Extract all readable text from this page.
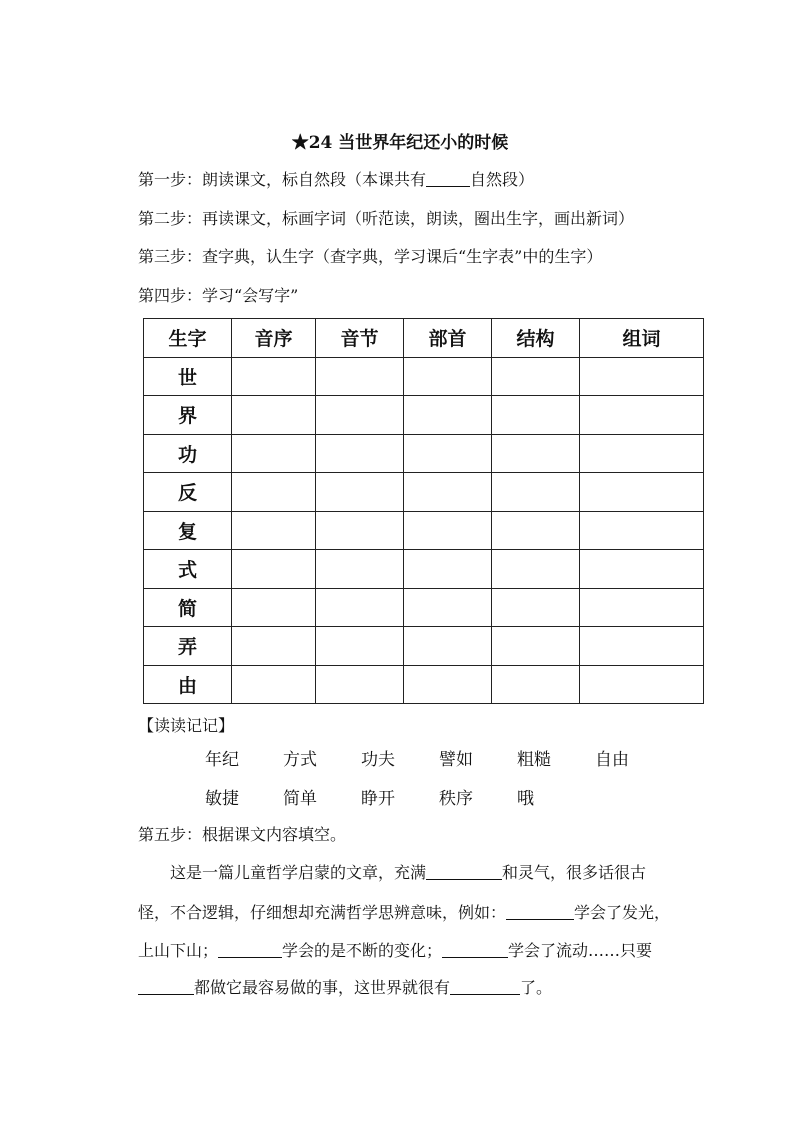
★24 当世界年纪还小的时候
第一步：朗读课文，标自然段（本课共有	自然段）
第二步：再读课文，标画字词（听范读，朗读，圈出生字，画出新词）
第三步：查字典，认生字（查字典，学习课后“生字表”中的生字）
第四步：学习“会写字”
生字	音序	音节	部首	结构	组词
世					
界					
功					
反					
复					
式					
简					
弄					
由					
【读读记记】
年纪	方式	功夫	譬如	粗糙	自由
敏捷	简单	睁开	秩序	哦
第五步：根据课文内容填空。
这是一篇儿童哲学启蒙的文章，充满	和灵气，很多话很古
怪，不合逻辑，仔细想却充满哲学思辨意味，例如：	学会了发光，
上山下山；	学会的是不断的变化；	学会了流动……只要
都做它最容易做的事，这世界就很有	了。
